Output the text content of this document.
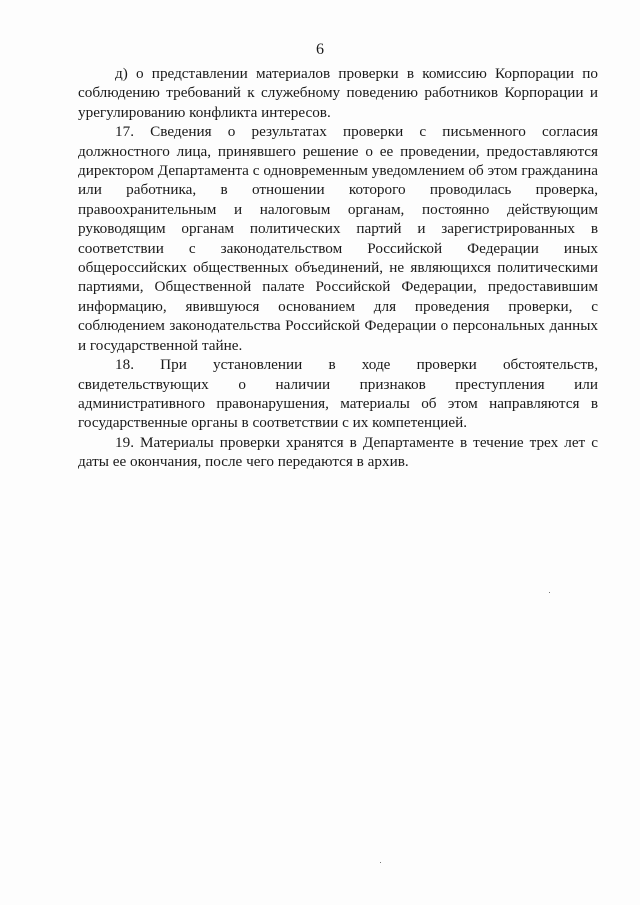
6

д) о представлении материалов проверки в комиссию Корпорации по соблюдению требований к служебному поведению работников Корпорации и урегулированию конфликта интересов.

17. Сведения о результатах проверки с письменного согласия должностного лица, принявшего решение о ее проведении, предоставляются директором Департамента с одновременным уведомлением об этом гражданина или работника, в отношении которого проводилась проверка, правоохранительным и налоговым органам, постоянно действующим руководящим органам политических партий и зарегистрированных в соответствии с законодательством Российской Федерации иных общероссийских общественных объединений, не являющихся политическими партиями, Общественной палате Российской Федерации, предоставившим информацию, явившуюся основанием для проведения проверки, с соблюдением законодательства Российской Федерации о персональных данных и государственной тайне.

18. При установлении в ходе проверки обстоятельств, свидетельствующих о наличии признаков преступления или административного правонарушения, материалы об этом направляются в государственные органы в соответствии с их компетенцией.

19. Материалы проверки хранятся в Департаменте в течение трех лет с даты ее окончания, после чего передаются в архив.
